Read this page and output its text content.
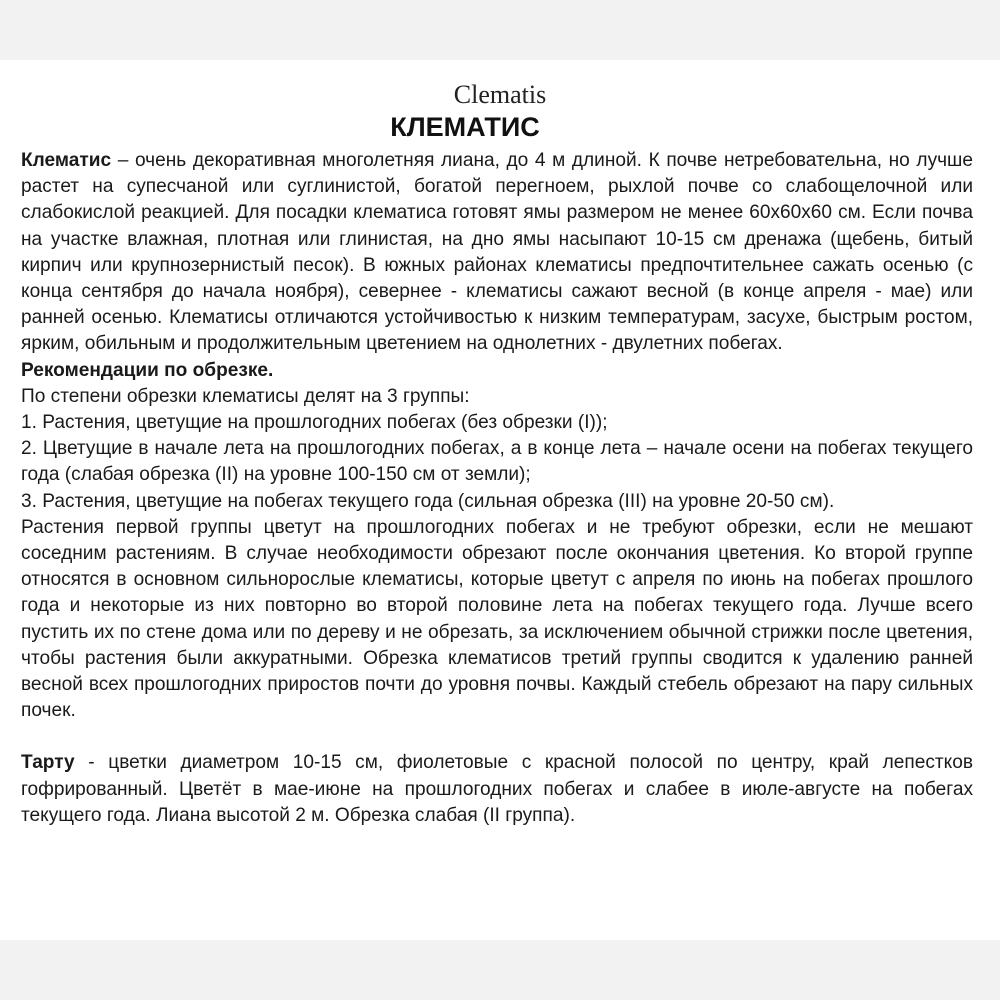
Clematis
КЛЕМАТИС

Клематис – очень декоративная многолетняя лиана, до 4 м длиной. К почве нетребовательна, но лучше растет на супесчаной или суглинистой, богатой перегноем, рыхлой почве со слабощелочной или слабокислой реакцией. Для посадки клематиса готовят ямы размером не менее 60x60x60 см. Если почва на участке влажная, плотная или глинистая, на дно ямы насыпают 10-15 см дренажа (щебень, битый кирпич или крупнозернистый песок). В южных районах клематисы предпочтительнее сажать осенью (с конца сентября до начала ноября), севернее - клематисы сажают весной (в конце апреля - мае) или ранней осенью. Клематисы отличаются устойчивостью к низким температурам, засухе, быстрым ростом, ярким, обильным и продолжительным цветением на однолетних - двулетних побегах.

Рекомендации по обрезке.

По степени обрезки клематисы делят на 3 группы:

1. Растения, цветущие на прошлогодних побегах (без обрезки (I));

2. Цветущие в начале лета на прошлогодних побегах, а в конце лета – начале осени на побегах текущего года (слабая обрезка (II) на уровне 100-150 см от земли);

3. Растения, цветущие на побегах текущего года (сильная обрезка (III) на уровне 20-50 см).

Растения первой группы цветут на прошлогодних побегах и не требуют обрезки, если не мешают соседним растениям. В случае необходимости обрезают после окончания цветения. Ко второй группе относятся в основном сильнорослые клематисы, которые цветут с апреля по июнь на побегах прошлого года и некоторые из них повторно во второй половине лета на побегах текущего года. Лучше всего пустить их по стене дома или по дереву и не обрезать, за исключением обычной стрижки после цветения, чтобы растения были аккуратными. Обрезка клематисов третий группы сводится к удалению ранней весной всех прошлогодних приростов почти до уровня почвы. Каждый стебель обрезают на пару сильных почек.

Тарту - цветки диаметром 10-15 см, фиолетовые с красной полосой по центру, край лепестков гофрированный. Цветёт в мае-июне на прошлогодних побегах и слабее в июле-августе на побегах текущего года. Лиана высотой 2 м. Обрезка слабая (II группа).
